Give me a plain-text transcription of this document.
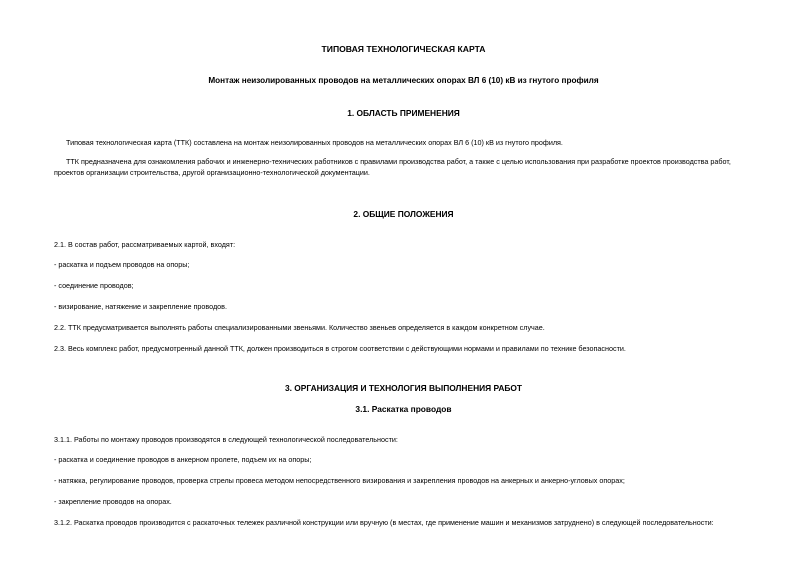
ТИПОВАЯ ТЕХНОЛОГИЧЕСКАЯ КАРТА
Монтаж неизолированных проводов на металлических опорах ВЛ 6 (10) кВ из гнутого профиля
1. ОБЛАСТЬ ПРИМЕНЕНИЯ
Типовая технологическая карта (ТТК) составлена на монтаж неизолированных проводов на металлических опорах ВЛ 6 (10) кВ из гнутого профиля.
ТТК предназначена для ознакомления рабочих и инженерно-технических работников с правилами производства работ, а также с целью использования при разработке проектов производства работ, проектов организации строительства, другой организационно-технологической документации.
2. ОБЩИЕ ПОЛОЖЕНИЯ
2.1. В состав работ, рассматриваемых картой, входят:
- раскатка и подъем проводов на опоры;
- соединение проводов;
- визирование, натяжение и закрепление проводов.
2.2. ТТК предусматривается выполнять работы специализированными звеньями. Количество звеньев определяется в каждом конкретном случае.
2.3. Весь комплекс работ, предусмотренный данной ТТК, должен производиться в строгом соответствии с действующими нормами и правилами по технике безопасности.
3. ОРГАНИЗАЦИЯ И ТЕХНОЛОГИЯ ВЫПОЛНЕНИЯ РАБОТ
3.1. Раскатка проводов
3.1.1. Работы по монтажу проводов производятся в следующей технологической последовательности:
- раскатка и соединение проводов в анкерном пролете, подъем их на опоры;
- натяжка, регулирование проводов, проверка стрелы провеса методом непосредственного визирования и закрепления проводов на анкерных и анкерно-угловых опорах;
- закрепление проводов на опорах.
3.1.2. Раскатка проводов производится с раскаточных тележек различной конструкции или вручную (в местах, где применение машин и механизмов затруднено) в следующей последовательности:
